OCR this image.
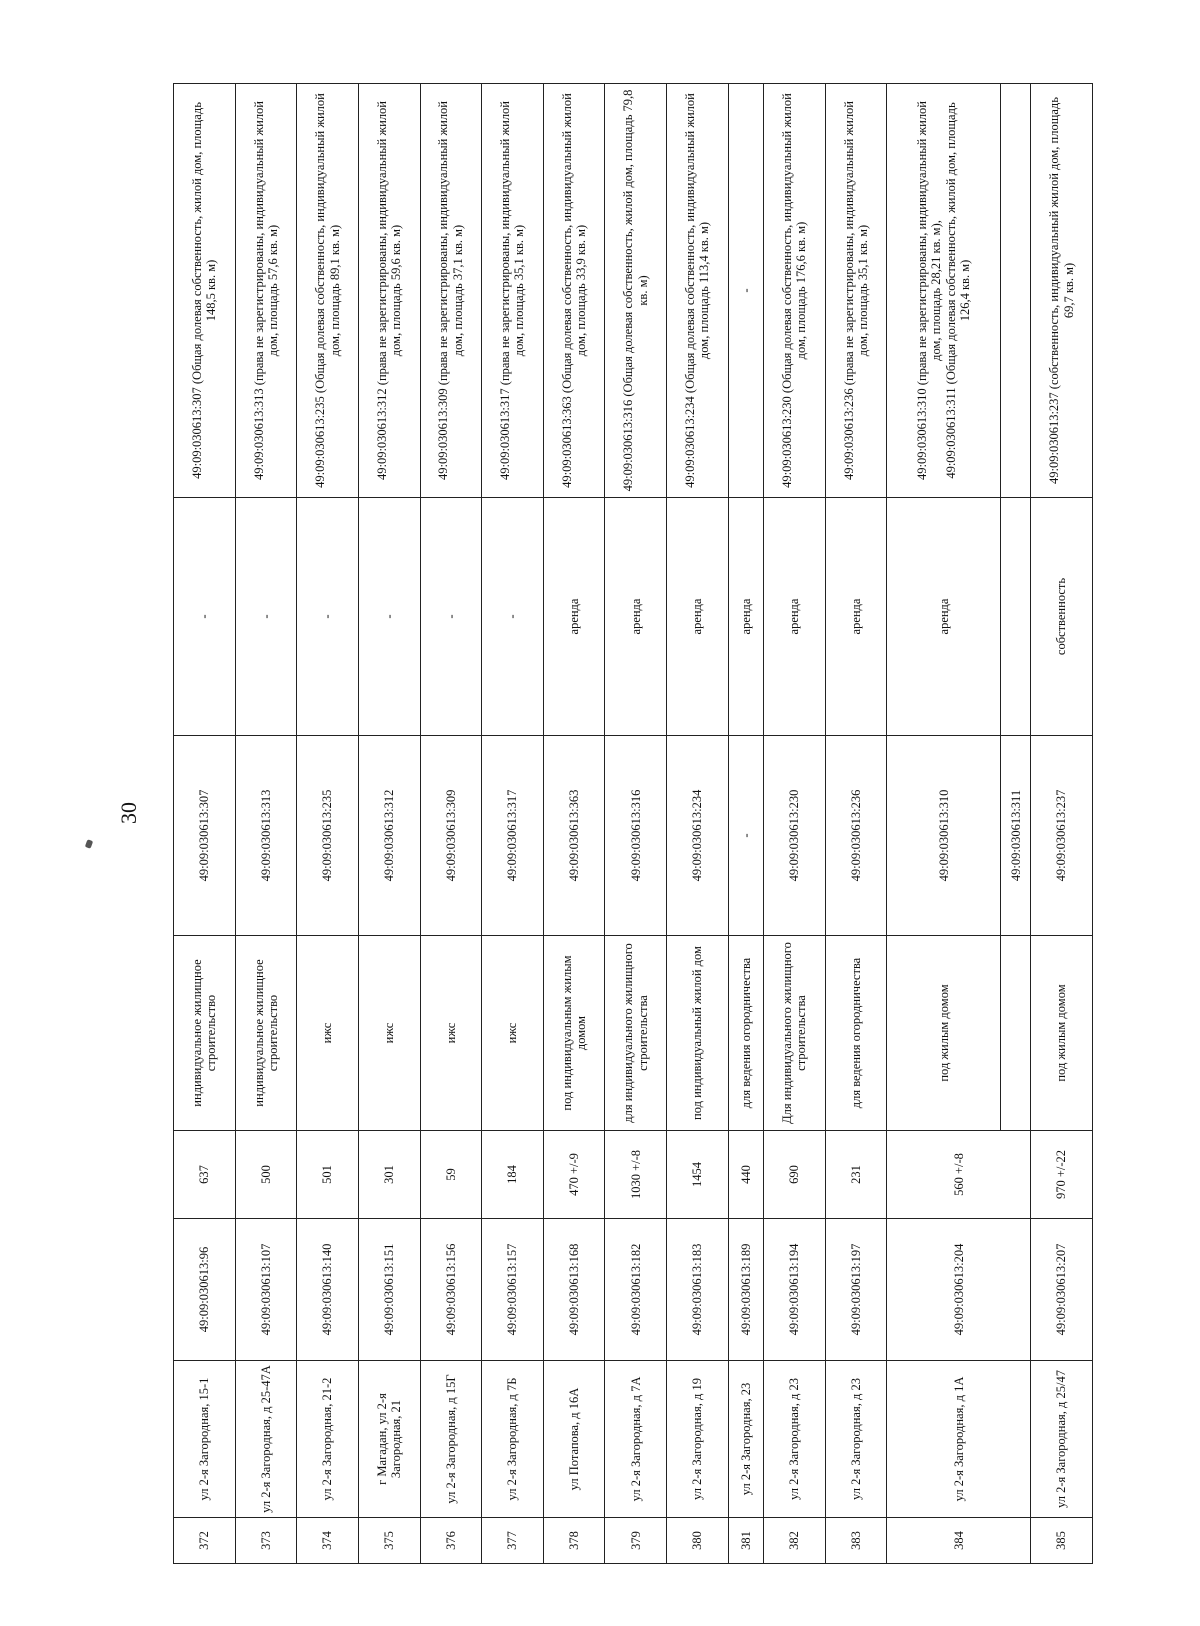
30
372	ул 2-я Загородная, 15-1	49:09:030613:96	637	индивидуальное жилищное строительство	49:09:030613:307	-	49:09:030613:307 (Общая долевая собственность, жилой дом, площадь 148,5 кв. м)
373	ул 2-я Загородная, д 25-47А	49:09:030613:107	500	индивидуальное жилищное строительство	49:09:030613:313	-	49:09:030613:313 (права не зарегистрированы, индивидуальный жилой дом, площадь 57,6 кв. м)
374	ул 2-я Загородная, 21-2	49:09:030613:140	501	ижс	49:09:030613:235	-	49:09:030613:235 (Общая долевая собственность, индивидуальный жилой дом, площадь 89,1 кв. м)
375	г Магадан, ул 2-я Загородная, 21	49:09:030613:151	301	ижс	49:09:030613:312	-	49:09:030613:312 (права не зарегистрированы, индивидуальный жилой дом, площадь 59,6 кв. м)
376	ул 2-я Загородная, д 15Г	49:09:030613:156	59	ижс	49:09:030613:309	-	49:09:030613:309 (права не зарегистрированы, индивидуальный жилой дом, площадь 37,1 кв. м)
377	ул 2-я Загородная, д 7Б	49:09:030613:157	184	ижс	49:09:030613:317	-	49:09:030613:317 (права не зарегистрированы, индивидуальный жилой дом, площадь 35,1 кв. м)
378	ул Потапова, д 16А	49:09:030613:168	470 +/-9	под индивидуальным жилым домом	49:09:030613:363	аренда	49:09:030613:363 (Общая долевая собственность, индивидуальный жилой дом, площадь 33,9 кв. м)
379	ул 2-я Загородная, д 7А	49:09:030613:182	1030 +/-8	для индивидуального жилищного строительства	49:09:030613:316	аренда	49:09:030613:316 (Общая долевая собственность, жилой дом, площадь 79,8 кв. м)
380	ул 2-я Загородная, д 19	49:09:030613:183	1454	под индивидуальный жилой дом	49:09:030613:234	аренда	49:09:030613:234 (Общая долевая собственность, индивидуальный жилой дом, площадь 113,4 кв. м)
381	ул 2-я Загородная, 23	49:09:030613:189	440	для ведения огородничества	-	аренда	-
382	ул 2-я Загородная, д 23	49:09:030613:194	690	Для индивидуального жилищного строительства	49:09:030613:230	аренда	49:09:030613:230 (Общая долевая собственность, индивидуальный жилой дом, площадь 176,6 кв. м)
383	ул 2-я Загородная, д 23	49:09:030613:197	231	для ведения огородничества	49:09:030613:236	аренда	49:09:030613:236 (права не зарегистрированы, индивидуальный жилой дом, площадь 35,1 кв. м)
384	ул 2-я Загородная, д 1А	49:09:030613:204	560 +/-8	под жилым домом	49:09:030613:310	аренда	49:09:030613:310 (права не зарегистрированы, индивидуальный жилой дом, площадь 28,21 кв. м),
49:09:030613:311 (Общая долевая собственность, жилой дом, площадь 126,4 кв. м)
					49:09:030613:311		
385	ул 2-я Загородная, д 25/47	49:09:030613:207	970 +/-22	под жилым домом	49:09:030613:237	собственность	49:09:030613:237 (собственность, индивидуальный жилой дом, площадь 69,7 кв. м)
